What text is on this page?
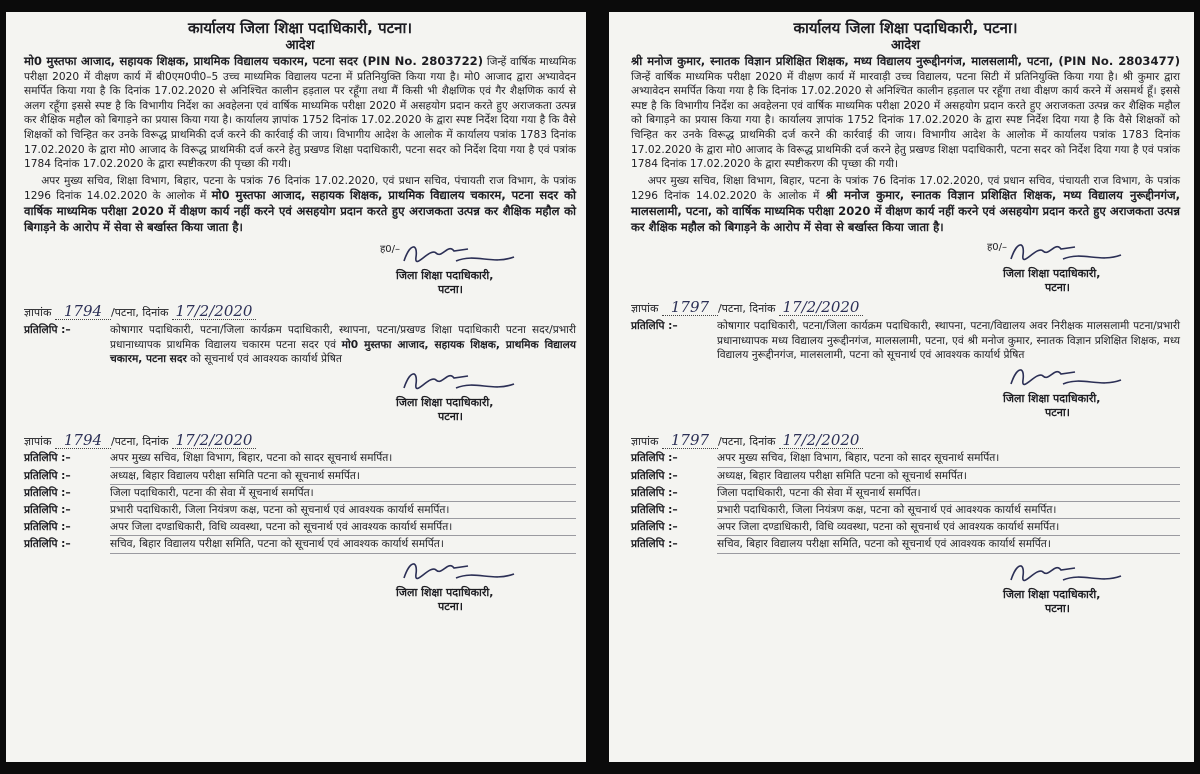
कार्यालय जिला शिक्षा पदाधिकारी, पटना।
आदेश

मो0 मुस्तफा आजाद, सहायक शिक्षक, प्राथमिक विद्यालय चकारम, पटना सदर (PIN No. 2803722) जिन्हें वार्षिक माध्यमिक परीक्षा 2020 में वीक्षण कार्य में बी0एम0पी0–5 उच्च माध्यमिक विद्यालय पटना में प्रतिनियुक्ति किया गया है। मो0 आजाद द्वारा अभ्यावेदन समर्पित किया गया है कि दिनांक 17.02.2020 से अनिश्चित कालीन हड़ताल पर रहूँगा तथा मैं किसी भी शैक्षणिक एवं गैर शैक्षणिक कार्य से अलग रहूँगा इससे स्पष्ट है कि विभागीय निर्देश का अवहेलना एवं वार्षिक माध्यमिक परीक्षा 2020 में असहयोग प्रदान करते हुए अराजकता उत्पन्न कर शैक्षिक महौल को बिगाड़ने का प्रयास किया गया है। कार्यालय ज्ञापांक 1752 दिनांक 17.02.2020 के द्वारा स्पष्ट निर्देश दिया गया है कि वैसे शिक्षकों को चिन्हित कर उनके विरूद्ध प्राथमिकी दर्ज करने की कार्रवाई की जाय। विभागीय आदेश के आलोक में कार्यालय पत्रांक 1783 दिनांक 17.02.2020 के द्वारा मो0 आजाद के विरूद्ध प्राथमिकी दर्ज करने हेतु प्रखण्ड शिक्षा पदाधिकारी, पटना सदर को निर्देश दिया गया है एवं पत्रांक 1784 दिनांक 17.02.2020 के द्वारा स्पष्टीकरण की पृच्छा की गयी।

अपर मुख्य सचिव, शिक्षा विभाग, बिहार, पटना के पत्रांक 76 दिनांक 17.02.2020, एवं प्रधान सचिव, पंचायती राज विभाग, के पत्रांक 1296 दिनांक 14.02.2020 के आलोक में मो0 मुस्तफा आजाद, सहायक शिक्षक, प्राथमिक विद्यालय चकारम, पटना सदर को वार्षिक माध्यमिक परीक्षा 2020 में वीक्षण कार्य नहीं करने एवं असहयोग प्रदान करते हुए अराजकता उत्पन्न कर शैक्षिक महौल को बिगाड़ने के आरोप में सेवा से बर्खास्त किया जाता है।

ह0/–
जिला शिक्षा पदाधिकारी,
पटना।
ज्ञापांक 1794 /पटना, दिनांक 17/2/2020
प्रतिलिपि :–	कोषागार पदाधिकारी, पटना/जिला कार्यक्रम पदाधिकारी, स्थापना, पटना/प्रखण्ड शिक्षा पदाधिकारी पटना सदर/प्रभारी प्रधानाध्यापक प्राथमिक विद्यालय चकारम पटना सदर एवं मो0 मुस्तफा आजाद, सहायक शिक्षक, प्राथमिक विद्यालय चकारम, पटना सदर को सूचनार्थ एवं आवश्यक कार्यार्थ प्रेषित
जिला शिक्षा पदाधिकारी,
पटना।
ज्ञापांक 1794 /पटना, दिनांक 17/2/2020
प्रतिलिपि :–	अपर मुख्य सचिव, शिक्षा विभाग, बिहार, पटना को सादर सूचनार्थ समर्पित।
प्रतिलिपि :–	अध्यक्ष, बिहार विद्यालय परीक्षा समिति पटना को सूचनार्थ समर्पित।
प्रतिलिपि :–	जिला पदाधिकारी, पटना की सेवा में सूचनार्थ समर्पित।
प्रतिलिपि :–	प्रभारी पदाधिकारी, जिला नियंत्रण कक्ष, पटना को सूचनार्थ एवं आवश्यक कार्यार्थ समर्पित।
प्रतिलिपि :–	अपर जिला दण्डाधिकारी, विधि व्यवस्था, पटना को सूचनार्थ एवं आवश्यक कार्यार्थ समर्पित।
प्रतिलिपि :–	सचिव, बिहार विद्यालय परीक्षा समिति, पटना को सूचनार्थ एवं आवश्यक कार्यार्थ समर्पित।
जिला शिक्षा पदाधिकारी,
पटना।
कार्यालय जिला शिक्षा पदाधिकारी, पटना।
आदेश

श्री मनोज कुमार, स्नातक विज्ञान प्रशिक्षित शिक्षक, मध्य विद्यालय नुरूद्दीनगंज, मालसलामी, पटना, (PIN No. 2803477) जिन्हें वार्षिक माध्यमिक परीक्षा 2020 में वीक्षण कार्य में मारवाड़ी उच्च विद्यालय, पटना सिटी में प्रतिनियुक्ति किया गया है। श्री कुमार द्वारा अभ्यावेदन समर्पित किया गया है कि दिनांक 17.02.2020 से अनिश्चित कालीन हड़ताल पर रहूँगा तथा वीक्षण कार्य करने में असमर्थ हूँ। इससे स्पष्ट है कि विभागीय निर्देश का अवहेलना एवं वार्षिक माध्यमिक परीक्षा 2020 में असहयोग प्रदान करते हुए अराजकता उत्पन्न कर शैक्षिक महौल को बिगाड़ने का प्रयास किया गया है। कार्यालय ज्ञापांक 1752 दिनांक 17.02.2020 के द्वारा स्पष्ट निर्देश दिया गया है कि वैसे शिक्षकों को चिन्हित कर उनके विरूद्ध प्राथमिकी दर्ज करने की कार्रवाई की जाय। विभागीय आदेश के आलोक में कार्यालय पत्रांक 1783 दिनांक 17.02.2020 के द्वारा मो0 आजाद के विरूद्ध प्राथमिकी दर्ज करने हेतु प्रखण्ड शिक्षा पदाधिकारी, पटना सदर को निर्देश दिया गया है एवं पत्रांक 1784 दिनांक 17.02.2020 के द्वारा स्पष्टीकरण की पृच्छा की गयी।

अपर मुख्य सचिव, शिक्षा विभाग, बिहार, पटना के पत्रांक 76 दिनांक 17.02.2020, एवं प्रधान सचिव, पंचायती राज विभाग, के पत्रांक 1296 दिनांक 14.02.2020 के आलोक में श्री मनोज कुमार, स्नातक विज्ञान प्रशिक्षित शिक्षक, मध्य विद्यालय नुरूद्दीनगंज, मालसलामी, पटना, को वार्षिक माध्यमिक परीक्षा 2020 में वीक्षण कार्य नहीं करने एवं असहयोग प्रदान करते हुए अराजकता उत्पन्न कर शैक्षिक महौल को बिगाड़ने के आरोप में सेवा से बर्खास्त किया जाता है।

ह0/–
जिला शिक्षा पदाधिकारी,
पटना।
ज्ञापांक 1797 /पटना, दिनांक 17/2/2020
प्रतिलिपि :–	कोषागार पदाधिकारी, पटना/जिला कार्यक्रम पदाधिकारी, स्थापना, पटना/विद्यालय अवर निरीक्षक मालसलामी पटना/प्रभारी प्रधानाध्यापक मध्य विद्यालय नुरूद्दीनगंज, मालसलामी, पटना, एवं श्री मनोज कुमार, स्नातक विज्ञान प्रशिक्षित शिक्षक, मध्य विद्यालय नुरूद्दीनगंज, मालसलामी, पटना को सूचनार्थ एवं आवश्यक कार्यार्थ प्रेषित
जिला शिक्षा पदाधिकारी,
पटना।
ज्ञापांक 1797 /पटना, दिनांक 17/2/2020
प्रतिलिपि :–	अपर मुख्य सचिव, शिक्षा विभाग, बिहार, पटना को सादर सूचनार्थ समर्पित।
प्रतिलिपि :–	अध्यक्ष, बिहार विद्यालय परीक्षा समिति पटना को सूचनार्थ समर्पित।
प्रतिलिपि :–	जिला पदाधिकारी, पटना की सेवा में सूचनार्थ समर्पित।
प्रतिलिपि :–	प्रभारी पदाधिकारी, जिला नियंत्रण कक्ष, पटना को सूचनार्थ एवं आवश्यक कार्यार्थ समर्पित।
प्रतिलिपि :–	अपर जिला दण्डाधिकारी, विधि व्यवस्था, पटना को सूचनार्थ एवं आवश्यक कार्यार्थ समर्पित।
प्रतिलिपि :–	सचिव, बिहार विद्यालय परीक्षा समिति, पटना को सूचनार्थ एवं आवश्यक कार्यार्थ समर्पित।
जिला शिक्षा पदाधिकारी,
पटना।
